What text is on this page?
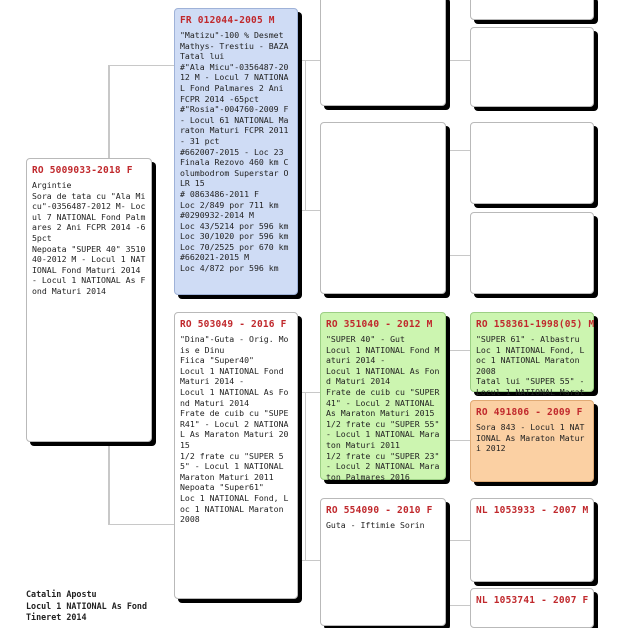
RO 5009033-2018 F
Argintie
Sora de tata cu "Ala Micu"-0356487-2012 M- Locul 7 NATIONAL Fond Palmares 2 Ani FCPR 2014 -65pct
Nepoata "SUPER 40" 351040-2012 M - Locul 1 NATIONAL Fond Maturi 2014 - Locul 1 NATIONAL As Fond Maturi 2014
FR 012044-2005 M
"Matizu"-100 % Desmet Mathys- Trestiu - BAZA
Tatal lui
#"Ala Micu"-0356487-2012 M - Locul 7 NATIONAL Fond Palmares 2 Ani FCPR 2014 -65pct
#"Rosia"-004760-2009 F - Locul 61 NATIONAL Maraton Maturi FCPR 2011 - 31 pct
#662007-2015 - Loc 23 Finala Rezovo 460 km Columbodrom Superstar OLR 15
# 0863486-2011 F
Loc 2/849 por 711 km
#0290932-2014 M
Loc 43/5214 por 596 km
Loc 30/1020 por 596 km
Loc 70/2525 por 670 km
#662021-2015 M
Loc 4/872 por 596 km
RO 503049 - 2016 F
"Dina"-Guta - Orig. Mois e Dinu
Fiica "Super40"
Locul 1 NATIONAL Fond Maturi 2014 -
Locul 1 NATIONAL As Fond Maturi 2014
Frate de cuib cu "SUPER41" - Locul 2 NATIONAL As Maraton Maturi 2015
1/2 frate cu "SUPER 55" - Locul 1 NATIONAL Maraton Maturi 2011
Nepoata "Super61"
Loc 1 NATIONAL Fond, Loc 1 NATIONAL Maraton 2008
RO 351040 - 2012 M
"SUPER 40" - Gut
Locul 1 NATIONAL Fond Maturi 2014 -
Locul 1 NATIONAL As Fond Maturi 2014
Frate de cuib cu "SUPER41" - Locul 2 NATIONAL As Maraton Maturi 2015
1/2 frate cu "SUPER 55" - Locul 1 NATIONAL Maraton Maturi 2011
1/2 frate cu "SUPER 23" - Locul 2 NATIONAL Maraton Palmares 2016
RO 554090 - 2010 F
Guta - Iftimie Sorin
RO 158361-1998(05) M
"SUPER 61" - Albastru
Loc 1 NATIONAL Fond, Loc 1 NATIONAL Maraton 2008
Tatal lui "SUPER 55" - Locul 1 NATIONAL Marat
RO 491806 - 2009 F
Sora 843 - Locul 1 NATIONAL As Maraton Maturi 2012
NL 1053933 - 2007 M
NL 1053741 - 2007 F
Catalin Apostu
Locul 1 NATIONAL As Fond
Tineret 2014
